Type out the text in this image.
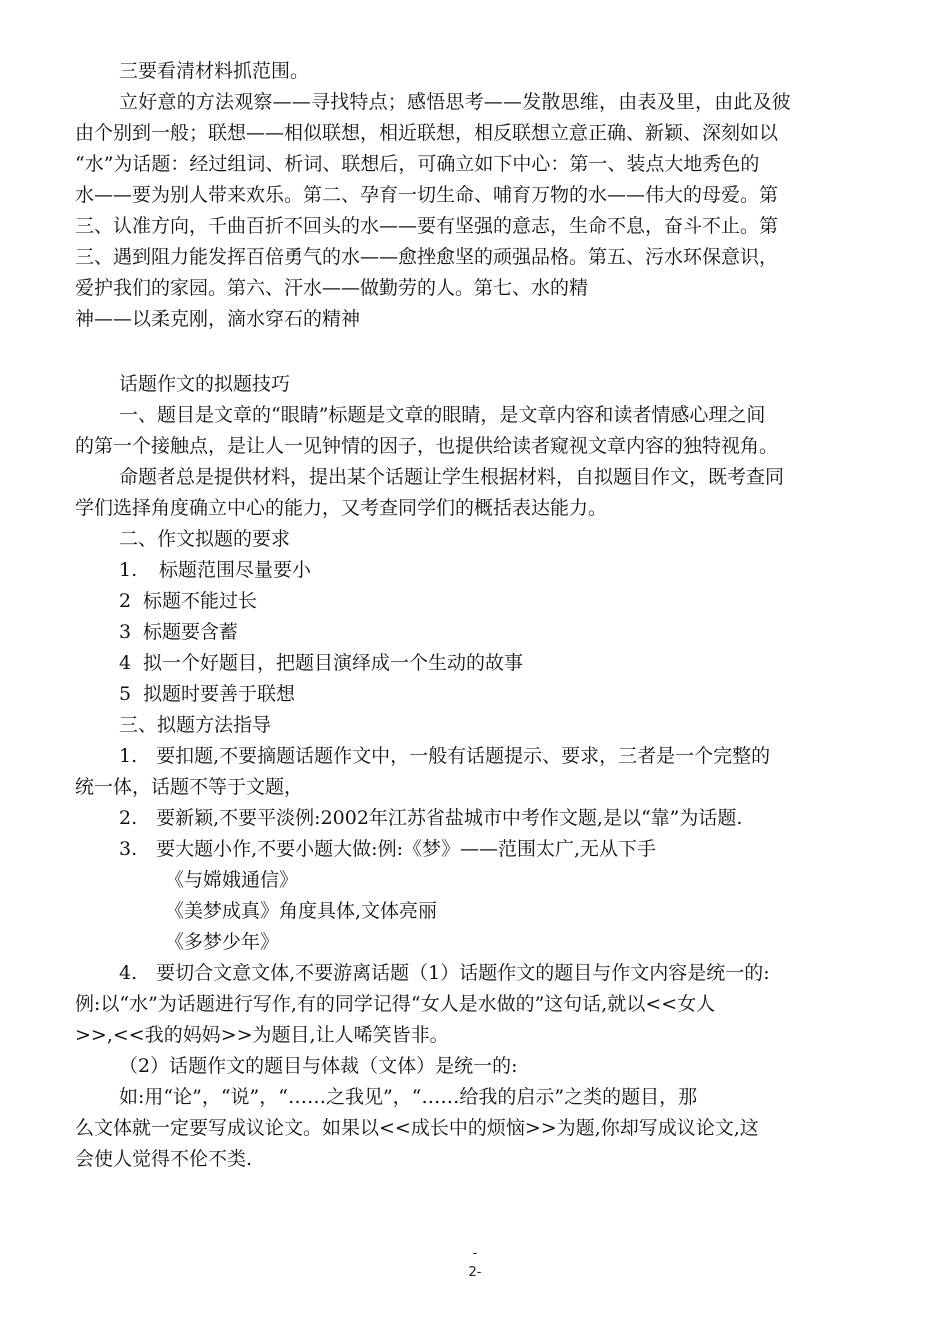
三要看清材料抓范围。
立好意的方法观察——寻找特点；感悟思考——发散思维，由表及里，由此及彼
由个别到一般；联想——相似联想，相近联想，相反联想立意正确、新颖、深刻如以
“水”为话题：经过组词、析词、联想后，可确立如下中心：第一、装点大地秀色的
水——要为别人带来欢乐。第二、孕育一切生命、哺育万物的水——伟大的母爱。第
三、认准方向，千曲百折不回头的水——要有坚强的意志，生命不息，奋斗不止。第
三、遇到阻力能发挥百倍勇气的水——愈挫愈坚的顽强品格。第五、污水环保意识，
爱护我们的家园。第六、汗水——做勤劳的人。第七、水的精
神——以柔克刚，滴水穿石的精神
话题作文的拟题技巧
一、题目是文章的“眼睛”标题是文章的眼睛，是文章内容和读者情感心理之间
的第一个接触点，是让人一见钟情的因子，也提供给读者窥视文章内容的独特视角。
命题者总是提供材料，提出某个话题让学生根据材料，自拟题目作文，既考查同
学们选择角度确立中心的能力，又考查同学们的概括表达能力。
二、作文拟题的要求
1. 标题范围尽量要小
2 标题不能过长
3 标题要含蓄
4 拟一个好题目，把题目演绎成一个生动的故事
5 拟题时要善于联想
三、拟题方法指导
1.　要扣题,不要摘题话题作文中，一般有话题提示、要求，三者是一个完整的
统一体，话题不等于文题，
2.　要新颖,不要平淡例:2002年江苏省盐城市中考作文题,是以“靠”为话题.
3.　要大题小作,不要小题大做:例:《梦》——范围太广,无从下手
《与嫦娥通信》
《美梦成真》角度具体,文体亮丽
《多梦少年》
4.　要切合文意文体,不要游离话题（1）话题作文的题目与作文内容是统一的:
例:以“水”为话题进行写作,有的同学记得“女人是水做的”这句话,就以<<女人
>>,<<我的妈妈>>为题目,让人唏笑皆非。
（2）话题作文的题目与体裁（文体）是统一的:
如:用“论”，“说”，“……之我见”，“……给我的启示”之类的题目，那
么文体就一定要写成议论文。如果以<<成长中的烦恼>>为题,你却写成议论文,这
会使人觉得不伦不类.
-
2-
